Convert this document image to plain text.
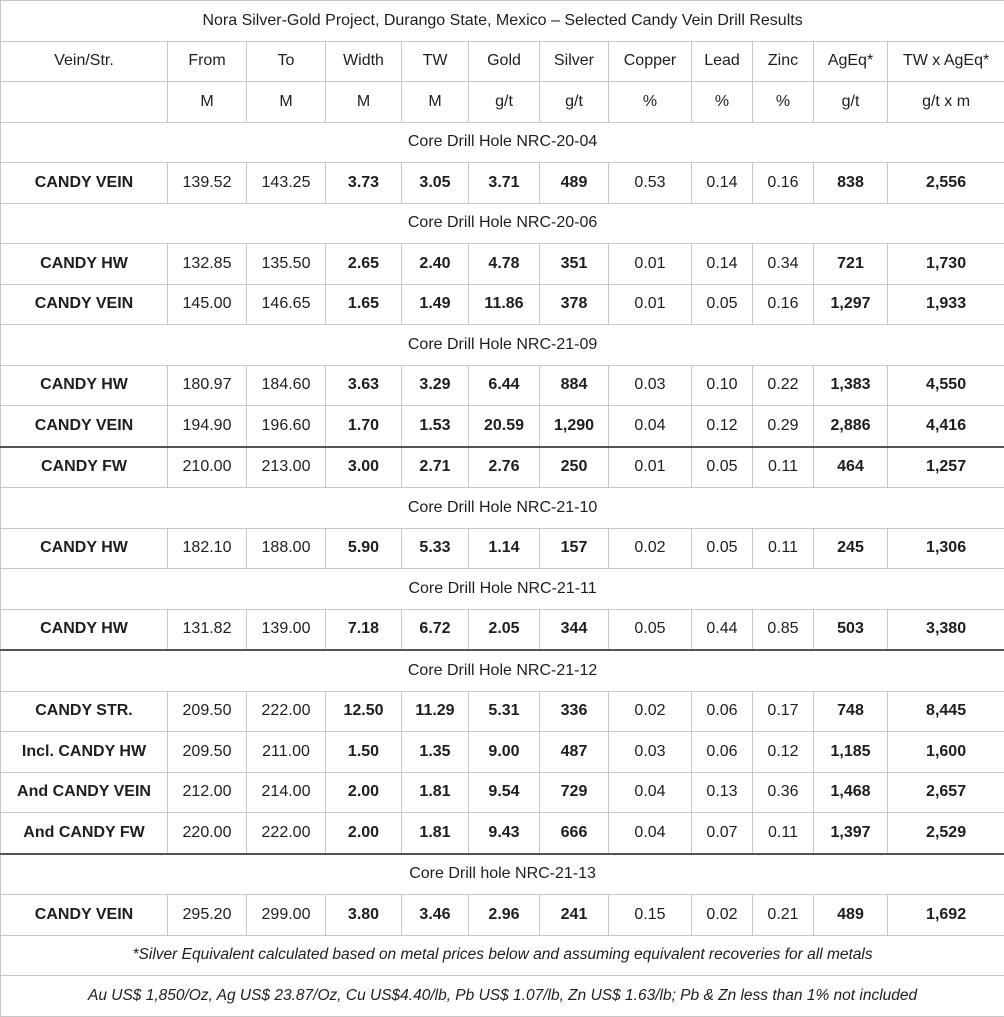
Nora Silver-Gold Project, Durango State, Mexico – Selected Candy Vein Drill Results											
Vein/Str.	From	To	Width	TW	Gold	Silver	Copper	Lead	Zinc	AgEq*	TW x AgEq*
	M	M	M	M	g/t	g/t	%	%	%	g/t	g/t x m
Core Drill Hole NRC-20-04											
CANDY VEIN	139.52	143.25	3.73	3.05	3.71	489	0.53	0.14	0.16	838	2,556
Core Drill Hole NRC-20-06											
CANDY HW	132.85	135.50	2.65	2.40	4.78	351	0.01	0.14	0.34	721	1,730
CANDY VEIN	145.00	146.65	1.65	1.49	11.86	378	0.01	0.05	0.16	1,297	1,933
Core Drill Hole NRC-21-09											
CANDY HW	180.97	184.60	3.63	3.29	6.44	884	0.03	0.10	0.22	1,383	4,550
CANDY VEIN	194.90	196.60	1.70	1.53	20.59	1,290	0.04	0.12	0.29	2,886	4,416
CANDY FW	210.00	213.00	3.00	2.71	2.76	250	0.01	0.05	0.11	464	1,257
Core Drill Hole NRC-21-10											
CANDY HW	182.10	188.00	5.90	5.33	1.14	157	0.02	0.05	0.11	245	1,306
Core Drill Hole NRC-21-11											
CANDY HW	131.82	139.00	7.18	6.72	2.05	344	0.05	0.44	0.85	503	3,380
Core Drill Hole NRC-21-12											
CANDY STR.	209.50	222.00	12.50	11.29	5.31	336	0.02	0.06	0.17	748	8,445
Incl. CANDY HW	209.50	211.00	1.50	1.35	9.00	487	0.03	0.06	0.12	1,185	1,600
And CANDY VEIN	212.00	214.00	2.00	1.81	9.54	729	0.04	0.13	0.36	1,468	2,657
And CANDY FW	220.00	222.00	2.00	1.81	9.43	666	0.04	0.07	0.11	1,397	2,529
Core Drill hole NRC-21-13											
CANDY VEIN	295.20	299.00	3.80	3.46	2.96	241	0.15	0.02	0.21	489	1,692
*Silver Equivalent calculated based on metal prices below and assuming equivalent recoveries for all metals											
Au US$ 1,850/Oz, Ag US$ 23.87/Oz, Cu US$4.40/lb, Pb US$ 1.07/lb, Zn US$ 1.63/lb; Pb & Zn less than 1% not included											
